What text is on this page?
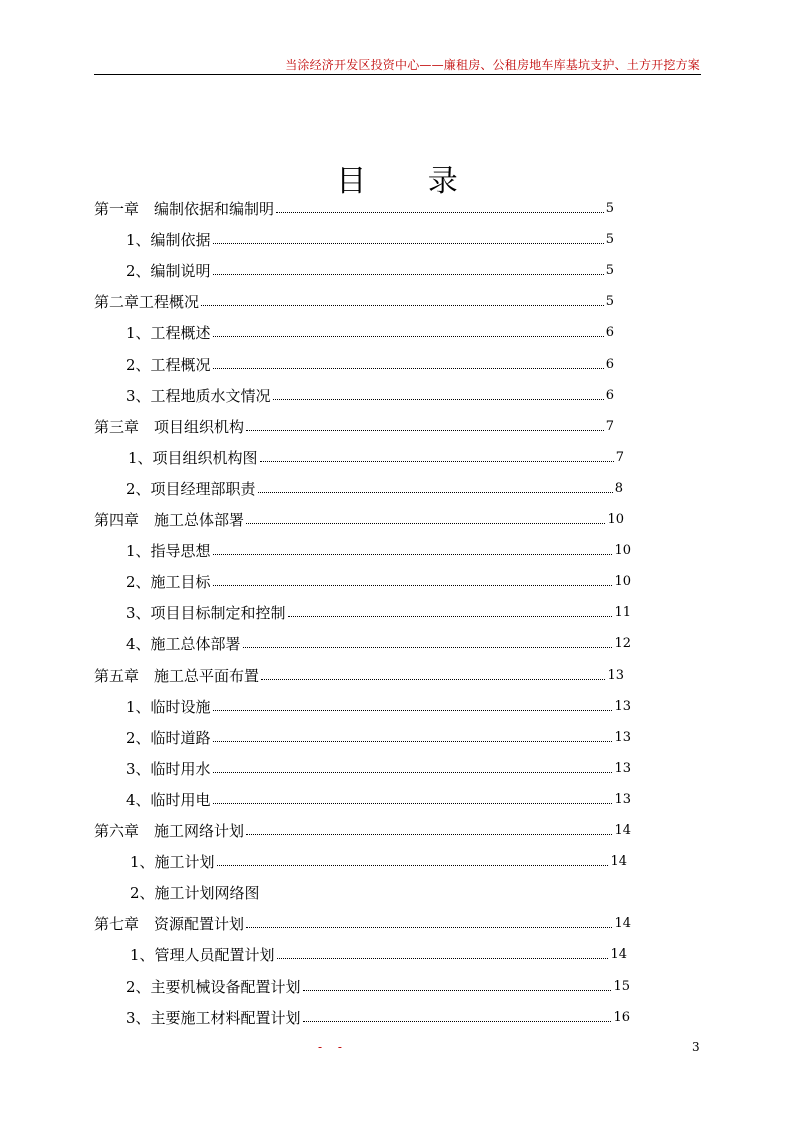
当涂经济开发区投资中心——廉租房、公租房地车库基坑支护、土方开挖方案
目 录
第一章　编制依据和编制明	5
1、编制依据	5
2、编制说明	5
第二章工程概况	5
1、工程概述	6
2、工程概况	6
3、工程地质水文情况	6
第三章　项目组织机构	7
1、项目组织机构图	7
2、项目经理部职责	8
第四章　施工总体部署	10
1、指导思想	10
2、施工目标	10
3、项目目标制定和控制	11
4、施工总体部署	12
第五章　施工总平面布置	13
1、临时设施	13
2、临时道路	13
3、临时用水	13
4、临时用电	13
第六章　施工网络计划	14
1、施工计划	14
2、施工计划网络图
第七章　资源配置计划	14
1、管理人员配置计划	14
2、主要机械设备配置计划	15
3、主要施工材料配置计划	16
- -	3
